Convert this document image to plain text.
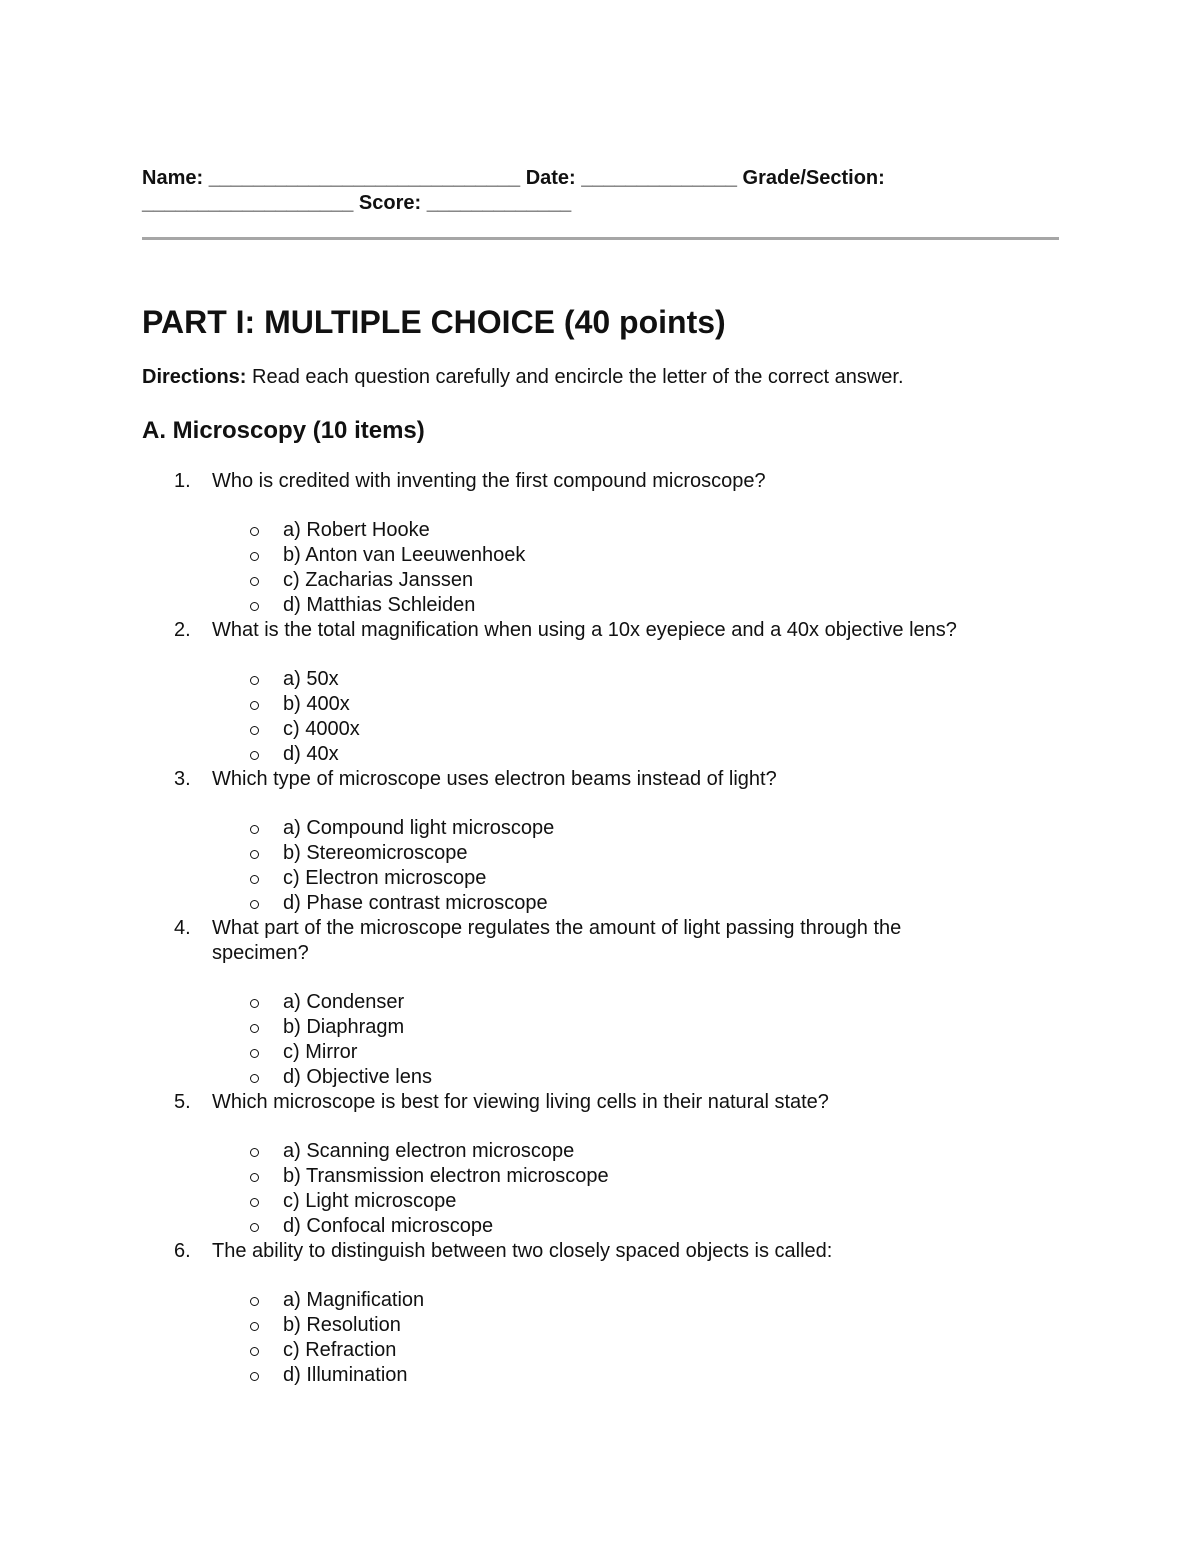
Name: ____________________________ Date: ______________ Grade/Section:
___________________ Score: _____________
PART I: MULTIPLE CHOICE (40 points)

Directions: Read each question carefully and encircle the letter of the correct answer.

A. Microscopy (10 items)
1. Who is credited with inventing the first compound microscope?
a) Robert Hooke
b) Anton van Leeuwenhoek
c) Zacharias Janssen
d) Matthias Schleiden
2. What is the total magnification when using a 10x eyepiece and a 40x objective lens?
a) 50x
b) 400x
c) 4000x
d) 40x
3. Which type of microscope uses electron beams instead of light?
a) Compound light microscope
b) Stereomicroscope
c) Electron microscope
d) Phase contrast microscope
4. What part of the microscope regulates the amount of light passing through the specimen?
a) Condenser
b) Diaphragm
c) Mirror
d) Objective lens
5. Which microscope is best for viewing living cells in their natural state?
a) Scanning electron microscope
b) Transmission electron microscope
c) Light microscope
d) Confocal microscope
6. The ability to distinguish between two closely spaced objects is called:
a) Magnification
b) Resolution
c) Refraction
d) Illumination
